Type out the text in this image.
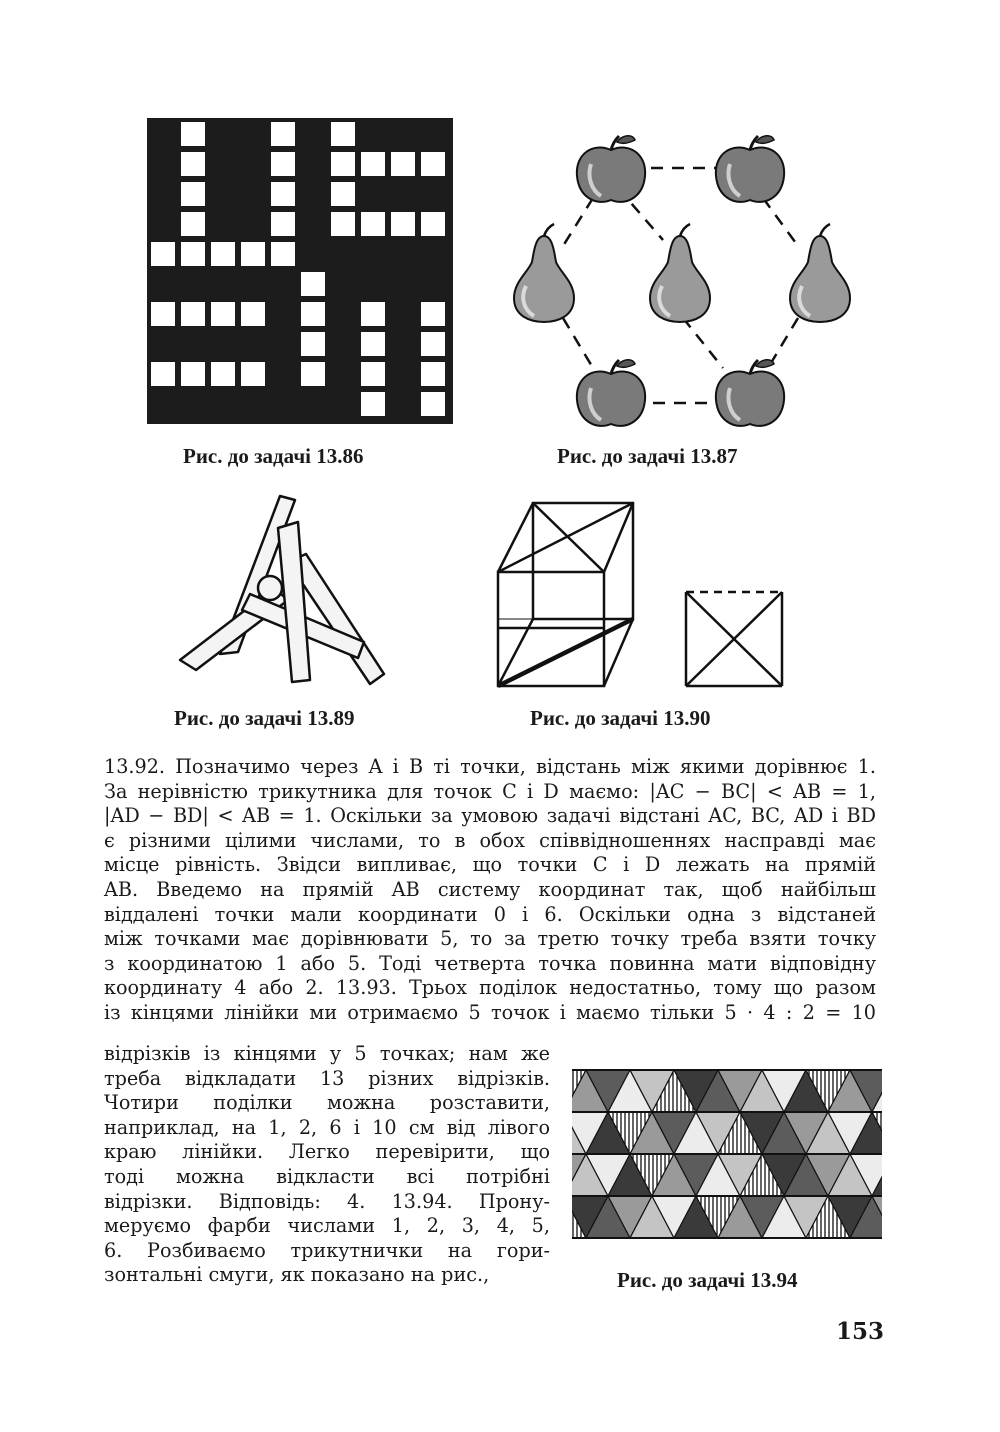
Рис. до задачі 13.86	Рис. до задачі 13.87
Рис. до задачі 13.89	Рис. до задачі 13.90
13.92. Позначимо через A і B ті точки, відстань між якими дорівнює 1.
За нерівністю трикутника для точок C і D маємо: |AC − BC| < AB = 1,
|AD − BD| < AB = 1. Оскільки за умовою задачі відстані AC, BC, AD і BD
є різними цілими числами, то в обох співвідношеннях насправді має
місце рівність. Звідси випливає, що точки C і D лежать на прямій
AB. Введемо на прямій AB систему координат так, щоб найбільш
віддалені точки мали координати 0 і 6. Оскільки одна з відстаней
між точками має дорівнювати 5, то за третю точку треба взяти точку
з координатою 1 або 5. Тоді четверта точка повинна мати відповідну
координату 4 або 2. 13.93. Трьох поділок недостатньо, тому що разом
із кінцями лінійки ми отримаємо 5 точок і маємо тільки 5 · 4 : 2 = 10
відрізків із кінцями у 5 точках; нам же
треба відкладати 13 різних відрізків.
Чотири поділки можна розставити,
наприклад, на 1, 2, 6 і 10 см від лівого
краю лінійки. Легко перевірити, що
тоді можна відкласти всі потрібні
відрізки. Відповідь: 4. 13.94. Прону-
меруємо фарби числами 1, 2, 3, 4, 5,
6. Розбиваємо трикутнички на гори-
зонтальні смуги, як показано на рис.,	Рис. до задачі 13.94
153
